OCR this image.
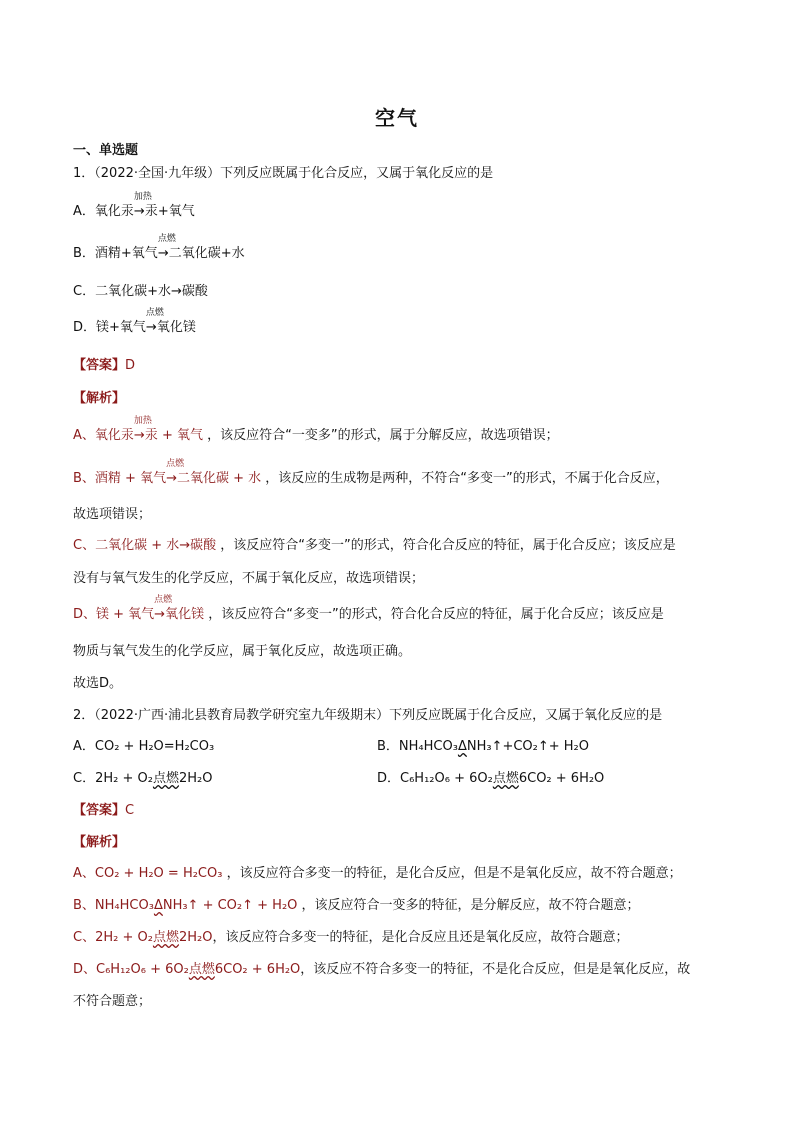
空气
一、单选题
1．（2022·全国·九年级）下列反应既属于化合反应，又属于氧化反应的是
A．氧化汞
加热
→汞+氧气
B．酒精+氧气
点燃
→二氧化碳+水
C．二氧化碳+水→碳酸
D．镁+氧气
点燃
→氧化镁
【答案】D
【解析】
A、氧化汞
加热
→汞 + 氧气 ，该反应符合“一变多”的形式，属于分解反应，故选项错误；
B、酒精 + 氧气
点燃
→二氧化碳 + 水 ，该反应的生成物是两种，不符合“多变一”的形式，不属于化合反应，
故选项错误；
C、二氧化碳 + 水→碳酸 ，该反应符合“多变一”的形式，符合化合反应的特征，属于化合反应；该反应是
没有与氧气发生的化学反应，不属于氧化反应，故选项错误；
D、镁 + 氧气
点燃
→氧化镁 ，该反应符合“多变一”的形式，符合化合反应的特征，属于化合反应；该反应是
物质与氧气发生的化学反应，属于氧化反应，故选项正确。
故选D。
2．（2022·广西·浦北县教育局教学研究室九年级期末）下列反应既属于化合反应，又属于氧化反应的是
A．CO₂ + H₂O=H₂CO₃	B．NH₄HCO₃ΔNH₃↑+CO₂↑+ H₂O
C．2H₂ + O₂点燃2H₂O	D．C₆H₁₂O₆ + 6O₂点燃6CO₂ + 6H₂O
【答案】C
【解析】
A、CO₂ + H₂O = H₂CO₃ ，该反应符合多变一的特征，是化合反应，但是不是氧化反应，故不符合题意；
B、NH₄HCO₃ΔNH₃↑ + CO₂↑ + H₂O ，该反应符合一变多的特征，是分解反应，故不符合题意；
C、2H₂ + O₂点燃2H₂O，该反应符合多变一的特征，是化合反应且还是氧化反应，故符合题意；
D、C₆H₁₂O₆ + 6O₂点燃6CO₂ + 6H₂O，该反应不符合多变一的特征，不是化合反应，但是是氧化反应，故
不符合题意；
